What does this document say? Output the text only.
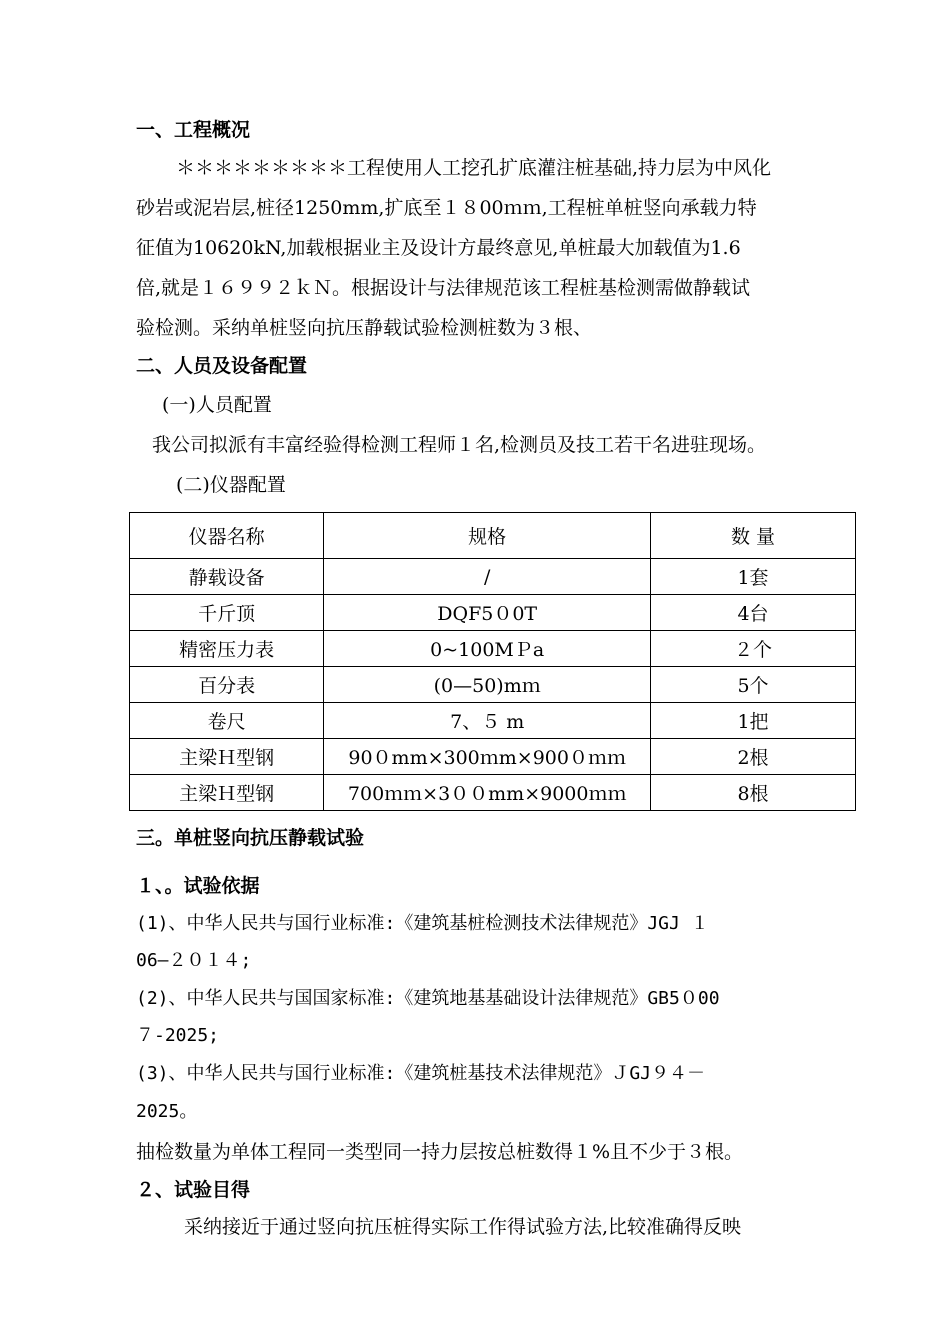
一、工程概况
＊＊＊＊＊＊＊＊＊工程使用人工挖孔扩底灌注桩基础,持力层为中风化
砂岩或泥岩层,桩径1250mm,扩底至１８00ｍｍ,工程桩单桩竖向承载力特
征值为10620kN,加载根据业主及设计方最终意见,单桩最大加载值为1.6
倍,就是１６９９２ｋＮ。根据设计与法律规范该工程桩基检测需做静载试
验检测。采纳单桩竖向抗压静载试验检测桩数为３根、
二、人员及设备配置
(一)人员配置
我公司拟派有丰富经验得检测工程师１名,检测员及技工若干名进驻现场。
(二)仪器配置
仪器名称	规格	数 量
静载设备	/	1套
千斤顶	DQF5０0T	4台
精密压力表	0~100MＰa	２个
百分表	(0—50)mｍ	5个
卷尺	7、５ m	1把
主梁Ｈ型钢	90０mm×300ｍm×900０ｍｍ	2根
主梁Ｈ型钢	700ｍｍ×3００mm×9000ｍｍ	8根
三。单桩竖向抗压静载试验
１、。试验依据
(1)、中华人民共与国行业标准:《建筑基桩检测技术法律规范》JGJ １
06—２０１４;
(2)、中华人民共与国国家标准:《建筑地基基础设计法律规范》GB5０00
７-2025;
(3)、中华人民共与国行业标准:《建筑桩基技术法律规范》ＪGJ９４－
2025。
抽检数量为单体工程同一类型同一持力层按总桩数得１%且不少于３根。
２、试验目得
采纳接近于通过竖向抗压桩得实际工作得试验方法,比较准确得反映
